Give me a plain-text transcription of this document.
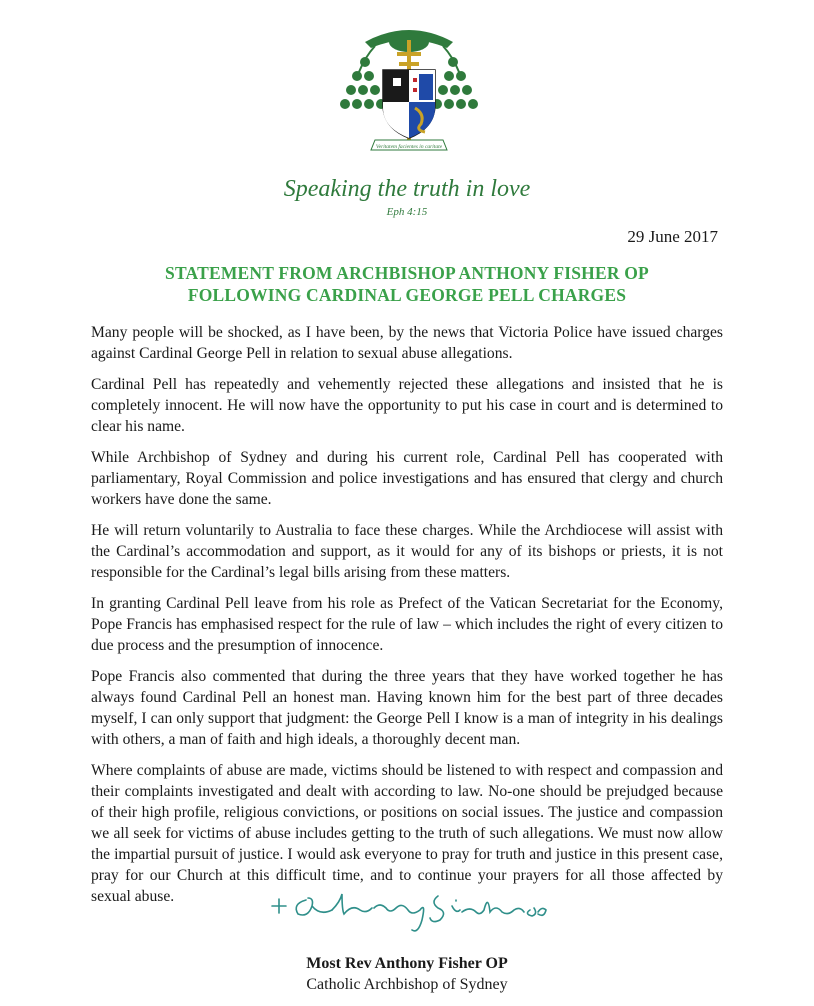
Veritatem facientes in caritate
Speaking the truth in love
Eph 4:15
29 June 2017
STATEMENT FROM ARCHBISHOP ANTHONY FISHER OP
FOLLOWING CARDINAL GEORGE PELL CHARGES

Many people will be shocked, as I have been, by the news that Victoria Police have issued charges against Cardinal George Pell in relation to sexual abuse allegations.

Cardinal Pell has repeatedly and vehemently rejected these allegations and insisted that he is completely innocent. He will now have the opportunity to put his case in court and is determined to clear his name.

While Archbishop of Sydney and during his current role, Cardinal Pell has cooperated with parliamentary, Royal Commission and police investigations and has ensured that clergy and church workers have done the same.

He will return voluntarily to Australia to face these charges. While the Archdiocese will assist with the Cardinal’s accommodation and support, as it would for any of its bishops or priests, it is not responsible for the Cardinal’s legal bills arising from these matters.

In granting Cardinal Pell leave from his role as Prefect of the Vatican Secretariat for the Economy, Pope Francis has emphasised respect for the rule of law – which includes the right of every citizen to due process and the presumption of innocence.

Pope Francis also commented that during the three years that they have worked together he has always found Cardinal Pell an honest man. Having known him for the best part of three decades myself, I can only support that judgment: the George Pell I know is a man of integrity in his dealings with others, a man of faith and high ideals, a thoroughly decent man.

Where complaints of abuse are made, victims should be listened to with respect and compassion and their complaints investigated and dealt with according to law. No-one should be prejudged because of their high profile, religious convictions, or positions on social issues. The justice and compassion we all seek for victims of abuse includes getting to the truth of such allegations. We must now allow the impartial pursuit of justice. I would ask everyone to pray for truth and justice in this present case, pray for our Church at this difficult time, and to continue your prayers for all those affected by sexual abuse.

Most Rev Anthony Fisher OP
Catholic Archbishop of Sydney
